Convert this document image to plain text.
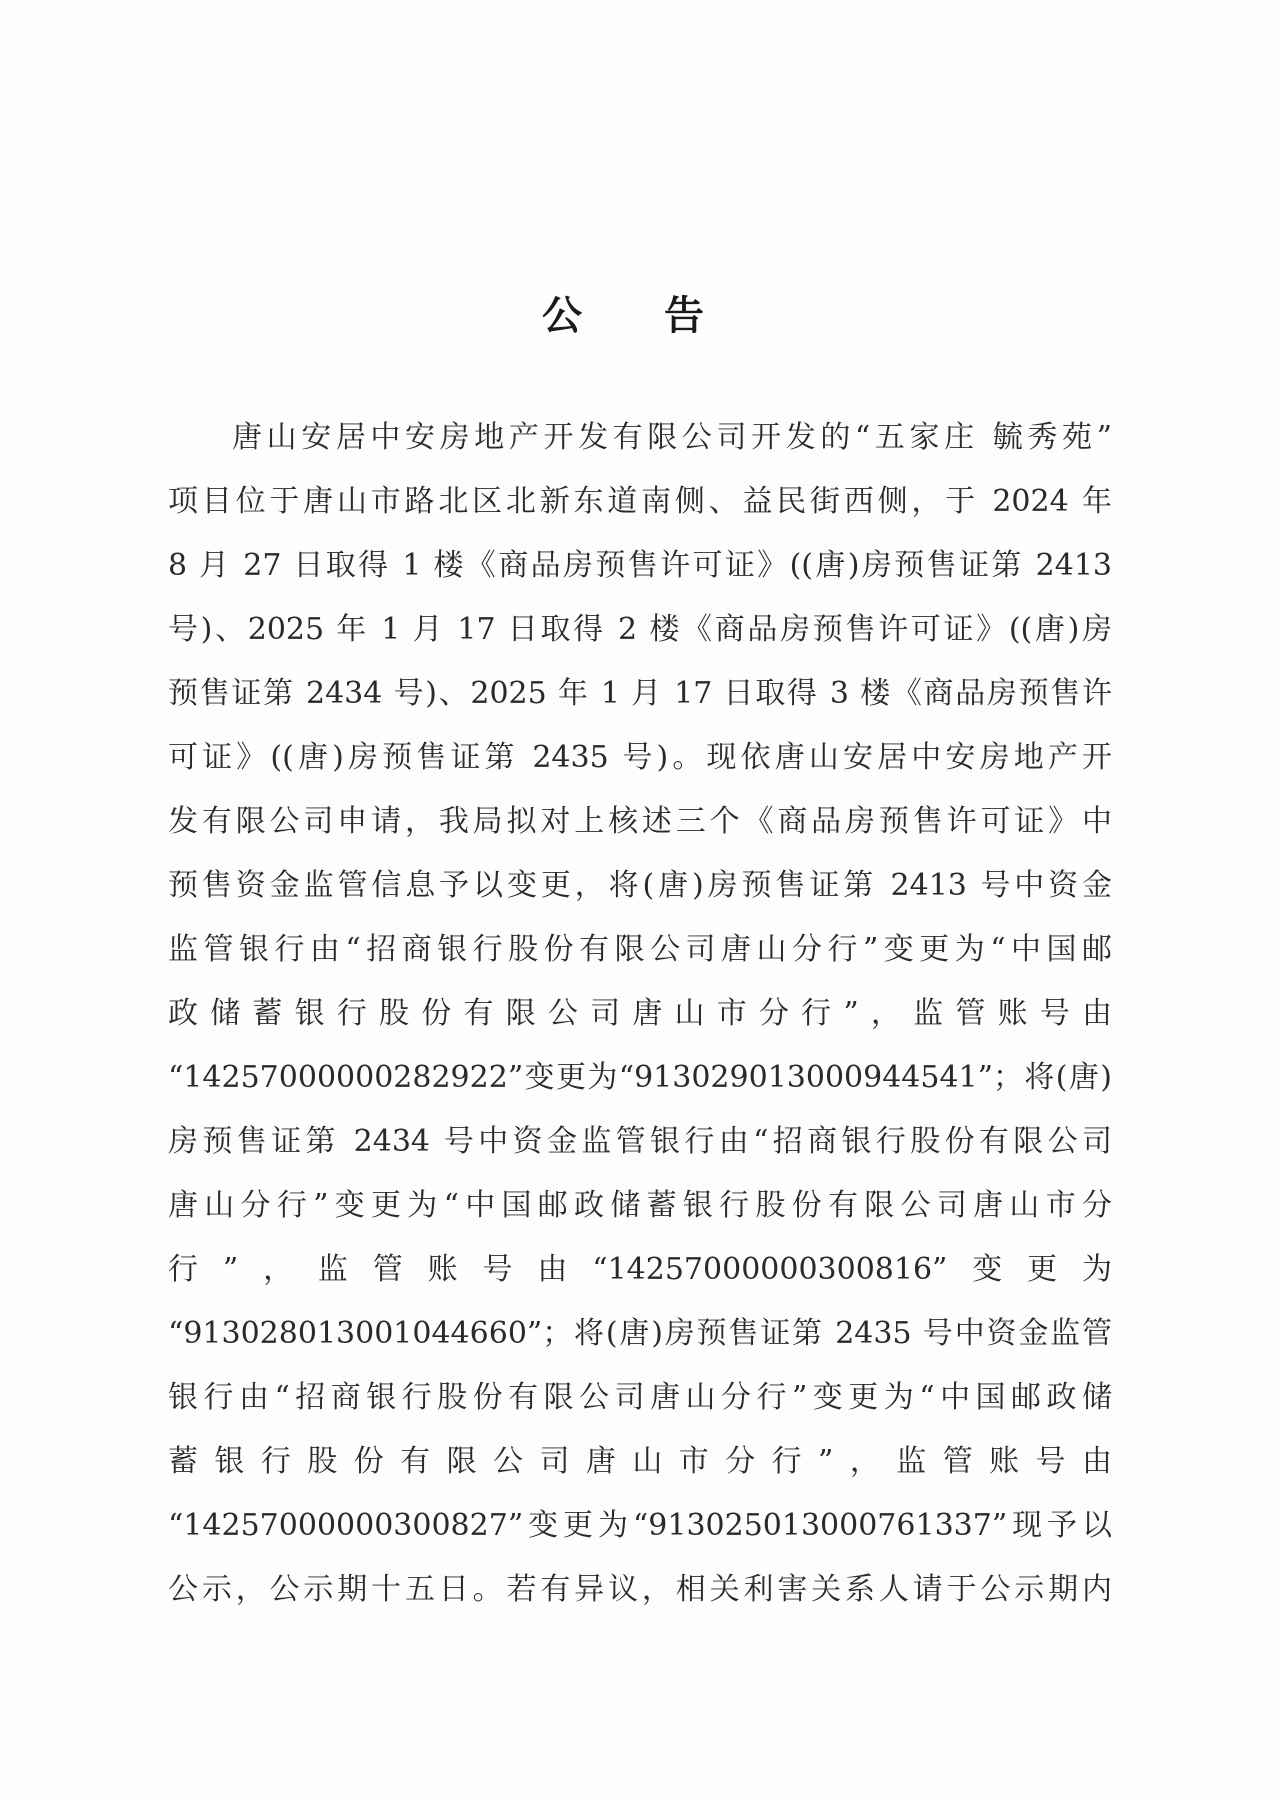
公 告
唐山安居中安房地产开发有限公司开发的“五家庄 毓秀苑”
项目位于唐山市路北区北新东道南侧、益民街西侧，于 2024 年
8 月 27 日取得 1 楼《商品房预售许可证》((唐)房预售证第 2413
号)、2025 年 1 月 17 日取得 2 楼《商品房预售许可证》((唐)房
预售证第 2434 号)、2025 年 1 月 17 日取得 3 楼《商品房预售许
可证》((唐)房预售证第 2435 号)。现依唐山安居中安房地产开
发有限公司申请，我局拟对上核述三个《商品房预售许可证》中
预售资金监管信息予以变更，将(唐)房预售证第 2413 号中资金
监管银行由“招商银行股份有限公司唐山分行”变更为“中国邮
政储蓄银行股份有限公司唐山市分行”，监管账号由
“14257000000282922”变更为“913029013000944541”；将(唐)
房预售证第 2434 号中资金监管银行由“招商银行股份有限公司
唐山分行”变更为“中国邮政储蓄银行股份有限公司唐山市分
行”，监管账号由“14257000000300816”变更为
“913028013001044660”；将(唐)房预售证第 2435 号中资金监管
银行由“招商银行股份有限公司唐山分行”变更为“中国邮政储
蓄银行股份有限公司唐山市分行”，监管账号由
“14257000000300827”变更为“913025013000761337”现予以
公示，公示期十五日。若有异议，相关利害关系人请于公示期内
